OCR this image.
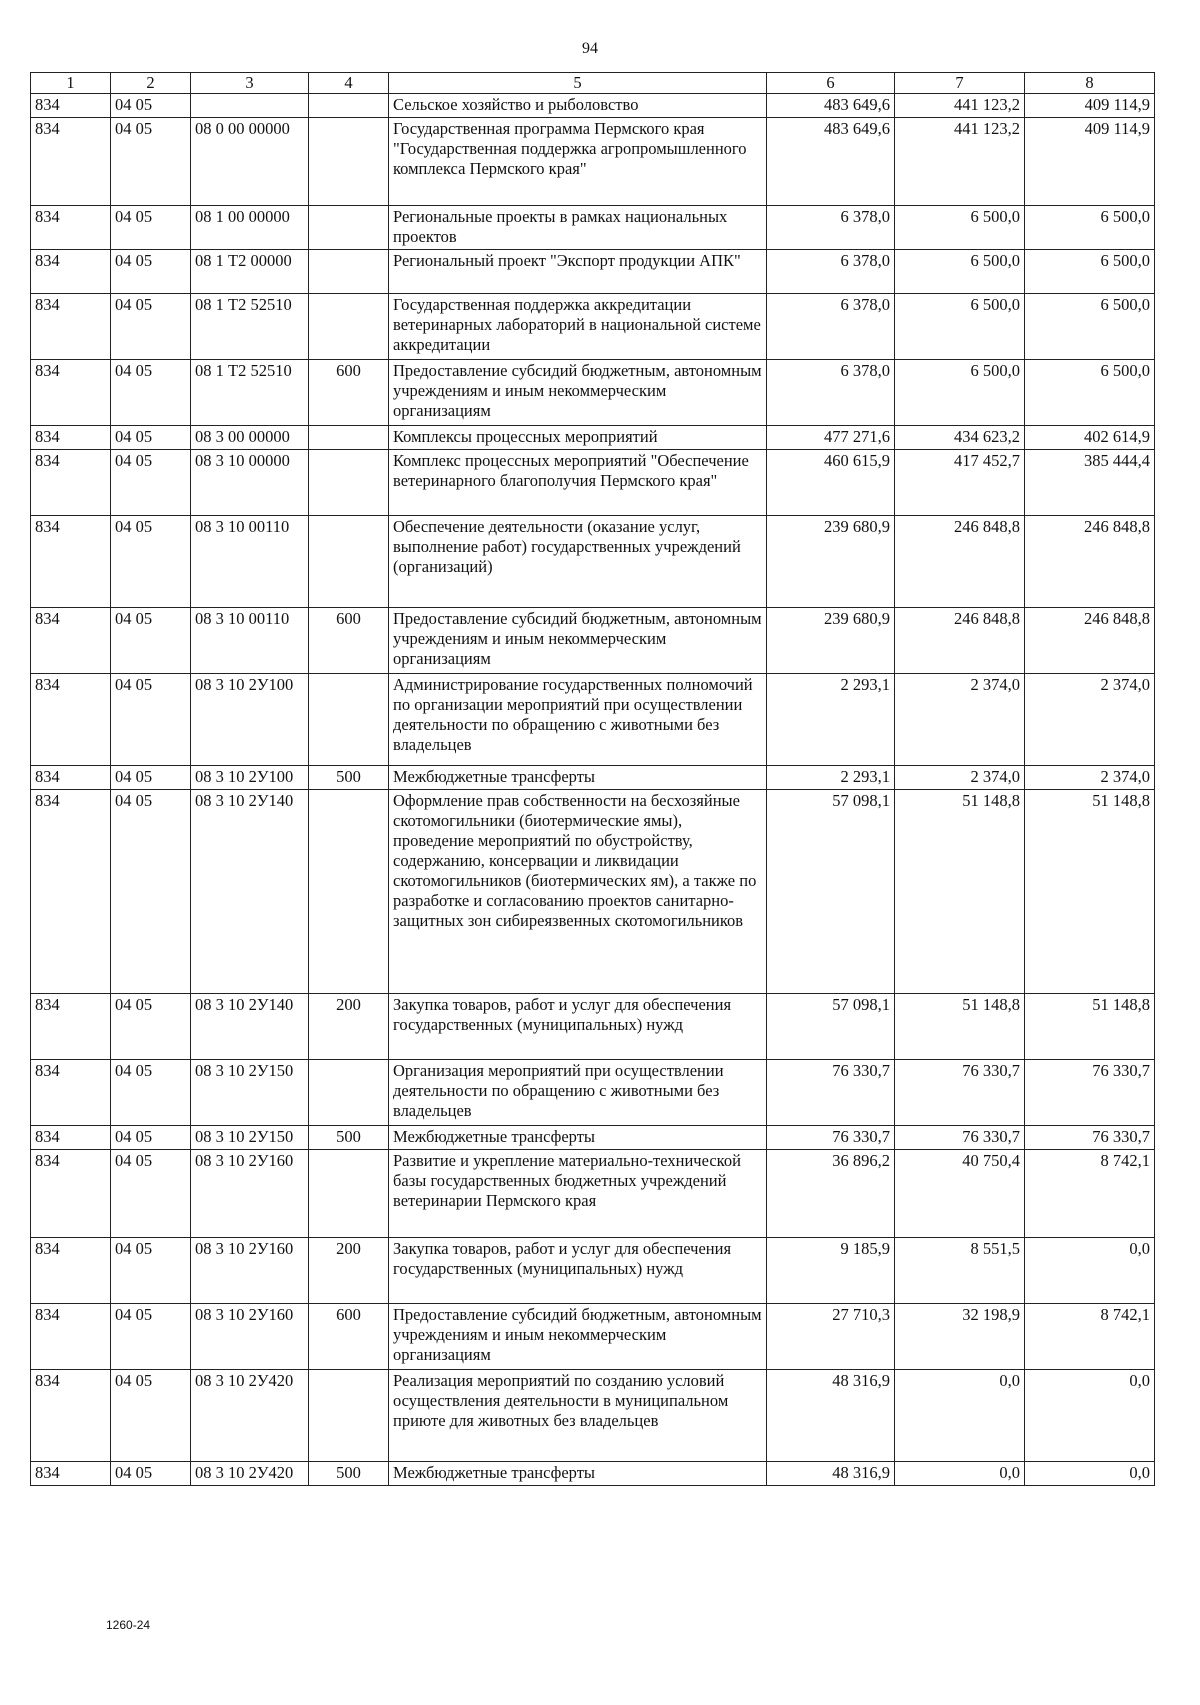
94
1	2	3	4	5	6	7	8
834	04 05			Сельское хозяйство и рыболовство	483 649,6	441 123,2	409 114,9
834	04 05	08 0 00 00000		Государственная программа Пермского края "Государственная поддержка агропромышленного комплекса Пермского края"	483 649,6	441 123,2	409 114,9
834	04 05	08 1 00 00000		Региональные проекты в рамках национальных проектов	6 378,0	6 500,0	6 500,0
834	04 05	08 1 Т2 00000		Региональный проект "Экспорт продукции АПК"	6 378,0	6 500,0	6 500,0
834	04 05	08 1 Т2 52510		Государственная поддержка аккредитации ветеринарных лабораторий в национальной системе аккредитации	6 378,0	6 500,0	6 500,0
834	04 05	08 1 Т2 52510	600	Предоставление субсидий бюджетным, автономным учреждениям и иным некоммерческим организациям	6 378,0	6 500,0	6 500,0
834	04 05	08 3 00 00000		Комплексы процессных мероприятий	477 271,6	434 623,2	402 614,9
834	04 05	08 3 10 00000		Комплекс процессных мероприятий "Обеспечение ветеринарного благополучия Пермского края"	460 615,9	417 452,7	385 444,4
834	04 05	08 3 10 00110		Обеспечение деятельности (оказание услуг, выполнение работ) государственных учреждений (организаций)	239 680,9	246 848,8	246 848,8
834	04 05	08 3 10 00110	600	Предоставление субсидий бюджетным, автономным учреждениям и иным некоммерческим организациям	239 680,9	246 848,8	246 848,8
834	04 05	08 3 10 2У100		Администрирование государственных полномочий по организации мероприятий при осуществлении деятельности по обращению с животными без владельцев	2 293,1	2 374,0	2 374,0
834	04 05	08 3 10 2У100	500	Межбюджетные трансферты	2 293,1	2 374,0	2 374,0
834	04 05	08 3 10 2У140		Оформление прав собственности на бесхозяйные скотомогильники (биотермические ямы), проведение мероприятий по обустройству, содержанию, консервации и ликвидации скотомогильников (биотермических ям), а также по разработке и согласованию проектов санитарно-защитных зон сибиреязвенных скотомогильников	57 098,1	51 148,8	51 148,8
834	04 05	08 3 10 2У140	200	Закупка товаров, работ и услуг для обеспечения государственных (муниципальных) нужд	57 098,1	51 148,8	51 148,8
834	04 05	08 3 10 2У150		Организация мероприятий при осуществлении деятельности по обращению с животными без владельцев	76 330,7	76 330,7	76 330,7
834	04 05	08 3 10 2У150	500	Межбюджетные трансферты	76 330,7	76 330,7	76 330,7
834	04 05	08 3 10 2У160		Развитие и укрепление материально-технической базы государственных бюджетных учреждений ветеринарии Пермского края	36 896,2	40 750,4	8 742,1
834	04 05	08 3 10 2У160	200	Закупка товаров, работ и услуг для обеспечения государственных (муниципальных) нужд	9 185,9	8 551,5	0,0
834	04 05	08 3 10 2У160	600	Предоставление субсидий бюджетным, автономным учреждениям и иным некоммерческим организациям	27 710,3	32 198,9	8 742,1
834	04 05	08 3 10 2У420		Реализация мероприятий по созданию условий осуществления деятельности в муниципальном приюте для животных без владельцев	48 316,9	0,0	0,0
834	04 05	08 3 10 2У420	500	Межбюджетные трансферты	48 316,9	0,0	0,0
1260-24
